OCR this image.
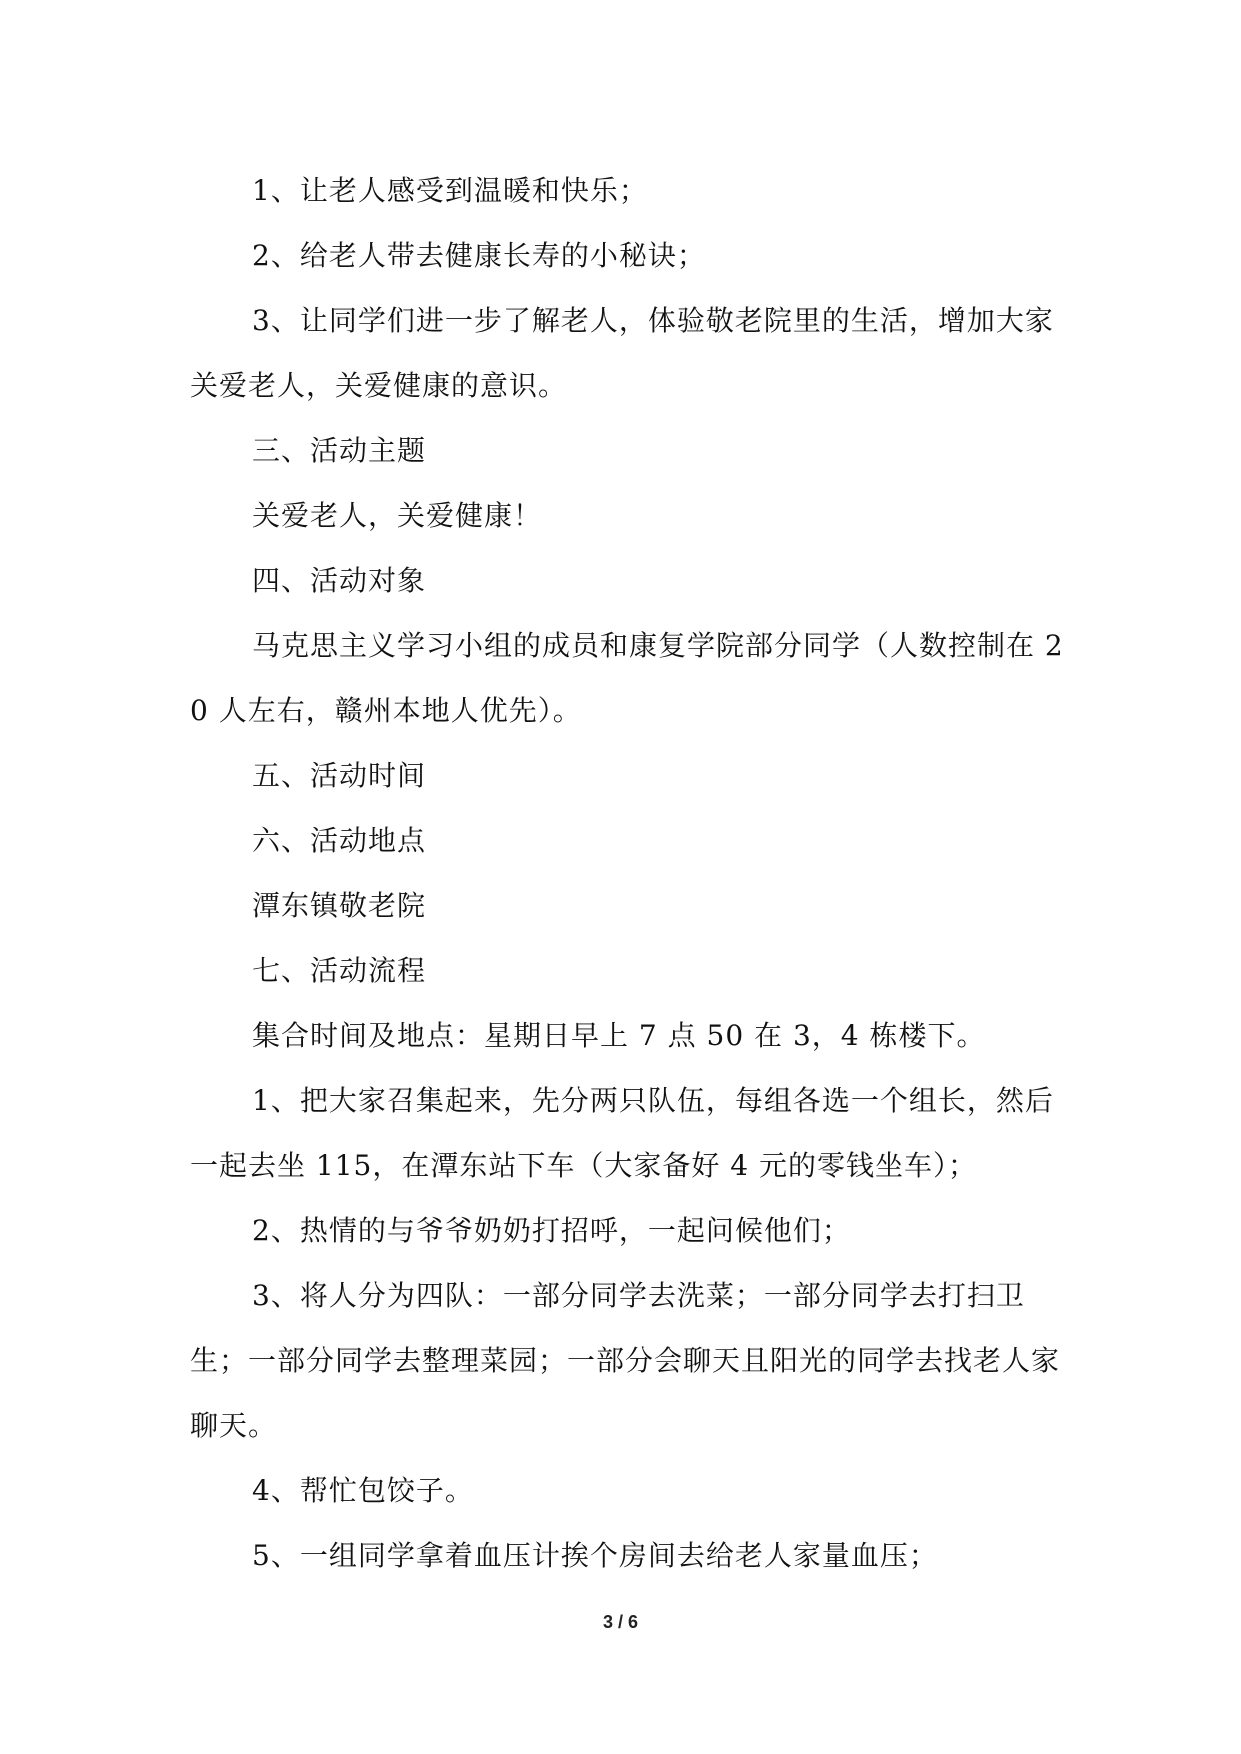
1、让老人感受到温暖和快乐；

2、给老人带去健康长寿的小秘诀；

3、让同学们进一步了解老人，体验敬老院里的生活，增加大家关爱老人，关爱健康的意识。

三、活动主题

关爱老人，关爱健康！

四、活动对象

马克思主义学习小组的成员和康复学院部分同学（人数控制在 20 人左右，赣州本地人优先）。

五、活动时间

六、活动地点

潭东镇敬老院

七、活动流程

集合时间及地点：星期日早上 7 点 50 在 3，4 栋楼下。

1、把大家召集起来，先分两只队伍，每组各选一个组长，然后一起去坐 115，在潭东站下车（大家备好 4 元的零钱坐车）；

2、热情的与爷爷奶奶打招呼，一起问候他们；

3、将人分为四队：一部分同学去洗菜；一部分同学去打扫卫生；一部分同学去整理菜园；一部分会聊天且阳光的同学去找老人家聊天。

4、帮忙包饺子。

5、一组同学拿着血压计挨个房间去给老人家量血压；

3 / 6
